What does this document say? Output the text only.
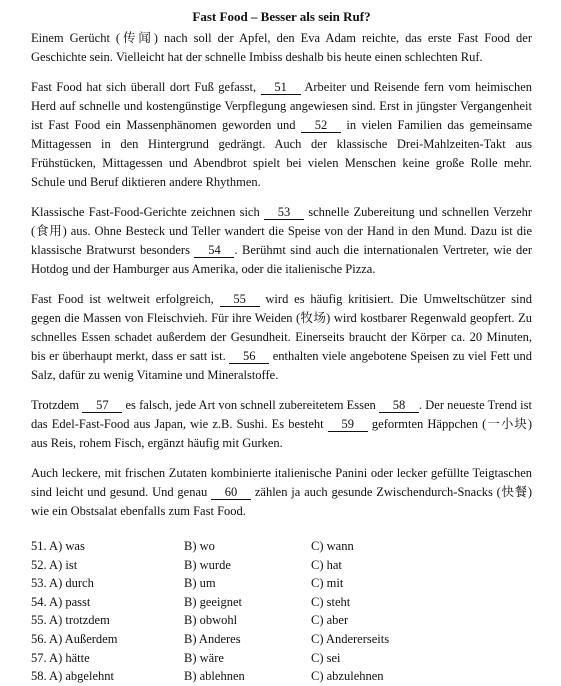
Fast Food – Besser als sein Ruf?

Einem Gerücht (传闻) nach soll der Apfel, den Eva Adam reichte, das erste Fast Food der Geschichte sein. Vielleicht hat der schnelle Imbiss deshalb bis heute einen schlechten Ruf.

Fast Food hat sich überall dort Fuß gefasst, 51 Arbeiter und Reisende fern vom heimischen Herd auf schnelle und kostengünstige Verpflegung angewiesen sind. Erst in jüngster Vergangenheit ist Fast Food ein Massenphänomen geworden und 52 in vielen Familien das gemeinsame Mittagessen in den Hintergrund gedrängt. Auch der klassische Drei-Mahlzeiten-Takt aus Frühstücken, Mittagessen und Abendbrot spielt bei vielen Menschen keine große Rolle mehr. Schule und Beruf diktieren andere Rhythmen.

Klassische Fast-Food-Gerichte zeichnen sich 53 schnelle Zubereitung und schnellen Verzehr (食用) aus. Ohne Besteck und Teller wandert die Speise von der Hand in den Mund. Dazu ist die klassische Bratwurst besonders 54 . Berühmt sind auch die internationalen Vertreter, wie der Hotdog und der Hamburger aus Amerika, oder die italienische Pizza.

Fast Food ist weltweit erfolgreich, 55 wird es häufig kritisiert. Die Umweltschützer sind gegen die Massen von Fleischvieh. Für ihre Weiden (牧场) wird kostbarer Regenwald geopfert. Zu schnelles Essen schadet außerdem der Gesundheit. Einerseits braucht der Körper ca. 20 Minuten, bis er überhaupt merkt, dass er satt ist. 56 enthalten viele angebotene Speisen zu viel Fett und Salz, dafür zu wenig Vitamine und Mineralstoffe.

Trotzdem 57 es falsch, jede Art von schnell zubereitetem Essen 58 . Der neueste Trend ist das Edel-Fast-Food aus Japan, wie z.B. Sushi. Es besteht 59 geformten Häppchen (一小块) aus Reis, rohem Fisch, ergänzt häufig mit Gurken.

Auch leckere, mit frischen Zutaten kombinierte italienische Panini oder lecker gefüllte Teigtaschen sind leicht und gesund. Und genau 60 zählen ja auch gesunde Zwischendurch-Snacks (快餐) wie ein Obstsalat ebenfalls zum Fast Food.

51. A) was	B) wo	C) wann
52. A) ist	B) wurde	C) hat
53. A) durch	B) um	C) mit
54. A) passt	B) geeignet	C) steht
55. A) trotzdem	B) obwohl	C) aber
56. A) Außerdem	B) Anderes	C) Andererseits
57. A) hätte	B) wäre	C) sei
58. A) abgelehnt	B) ablehnen	C) abzulehnen
